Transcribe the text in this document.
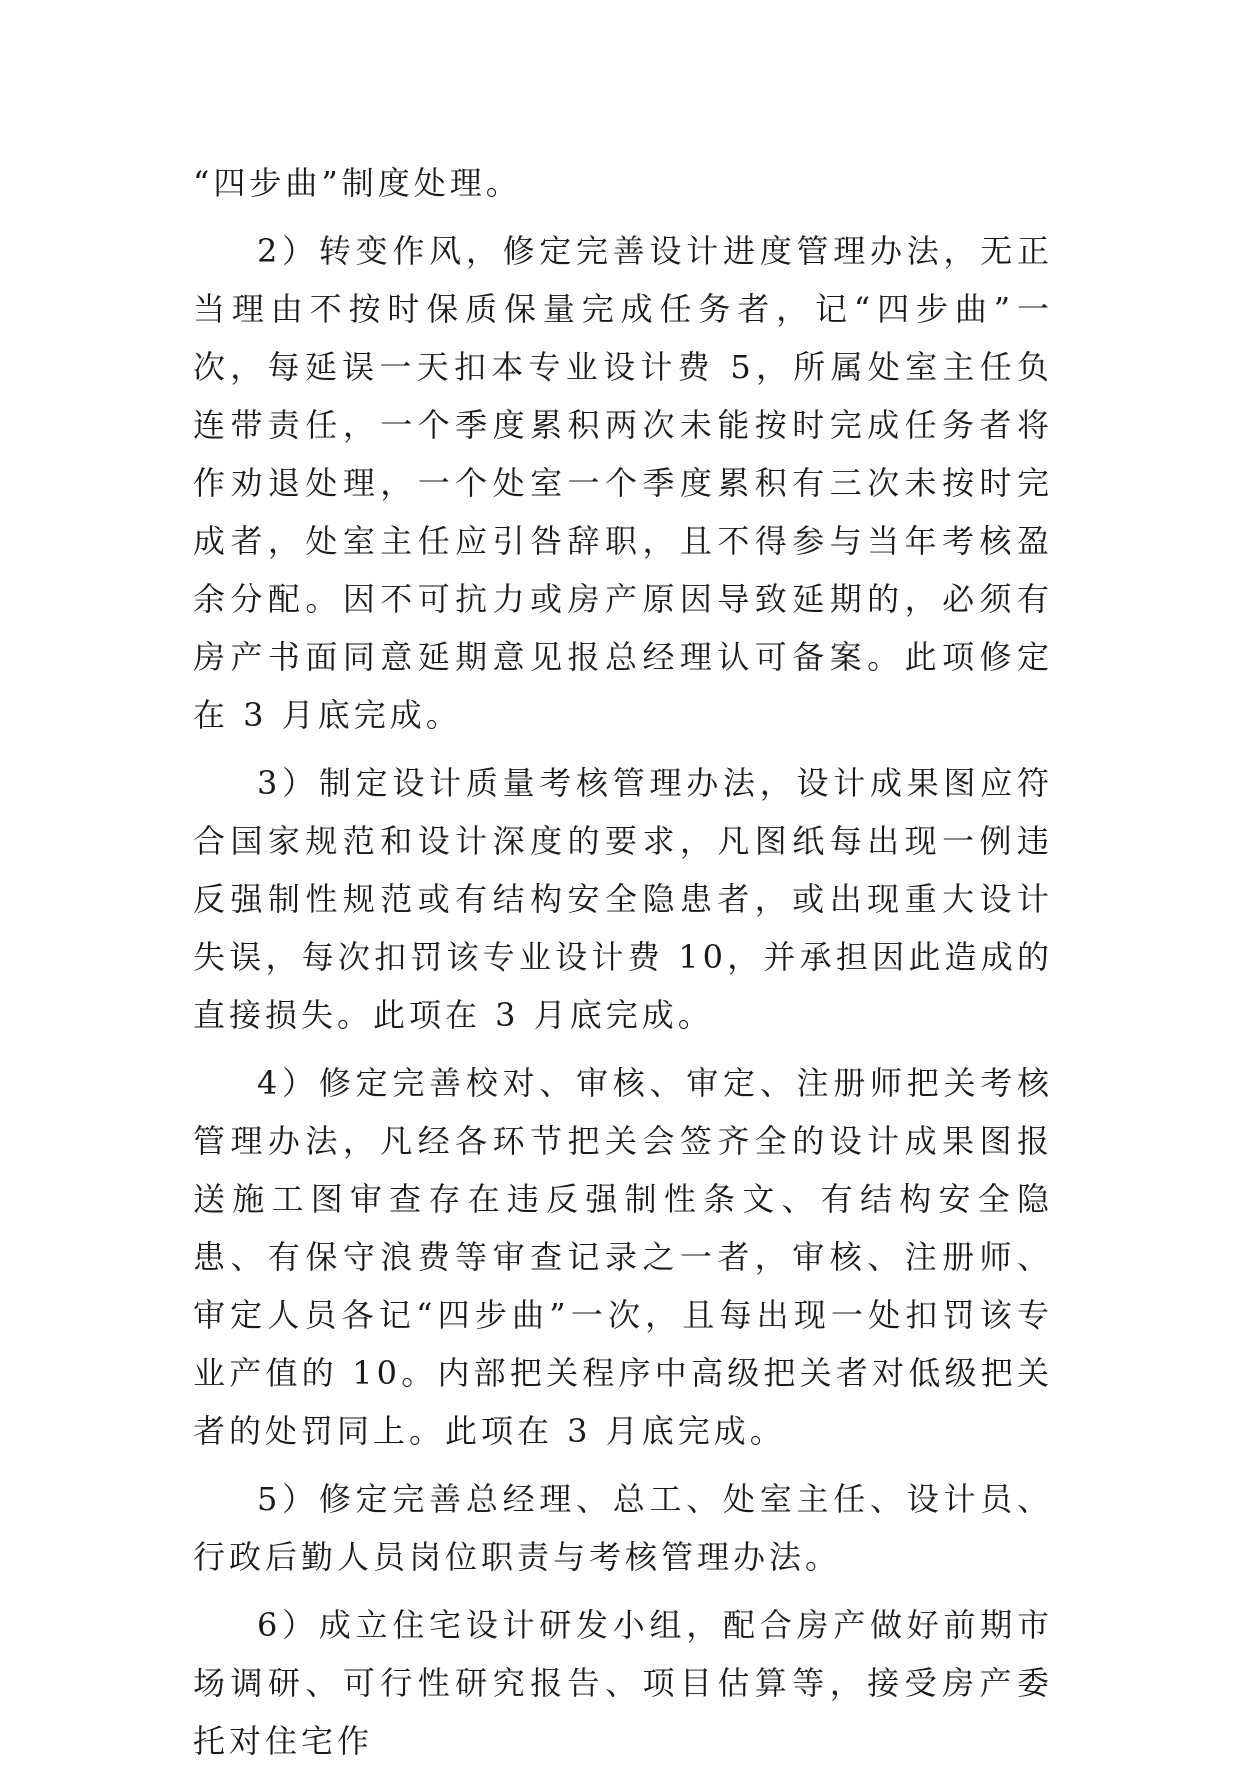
“四步曲”制度处理。

2）转变作风，修定完善设计进度管理办法，无正当理由不按时保质保量完成任务者，记“四步曲”一次，每延误一天扣本专业设计费 5，所属处室主任负连带责任，一个季度累积两次未能按时完成任务者将作劝退处理，一个处室一个季度累积有三次未按时完成者，处室主任应引咎辞职，且不得参与当年考核盈余分配。因不可抗力或房产原因导致延期的，必须有房产书面同意延期意见报总经理认可备案。此项修定在 3 月底完成。

3）制定设计质量考核管理办法，设计成果图应符合国家规范和设计深度的要求，凡图纸每出现一例违反强制性规范或有结构安全隐患者，或出现重大设计失误，每次扣罚该专业设计费 10，并承担因此造成的直接损失。此项在 3 月底完成。

4）修定完善校对、审核、审定、注册师把关考核管理办法，凡经各环节把关会签齐全的设计成果图报送施工图审查存在违反强制性条文、有结构安全隐患、有保守浪费等审查记录之一者，审核、注册师、审定人员各记“四步曲”一次，且每出现一处扣罚该专业产值的 10。内部把关程序中高级把关者对低级把关者的处罚同上。此项在 3 月底完成。

5）修定完善总经理、总工、处室主任、设计员、行政后勤人员岗位职责与考核管理办法。

6）成立住宅设计研发小组，配合房产做好前期市场调研、可行性研究报告、项目估算等，接受房产委托对住宅作
